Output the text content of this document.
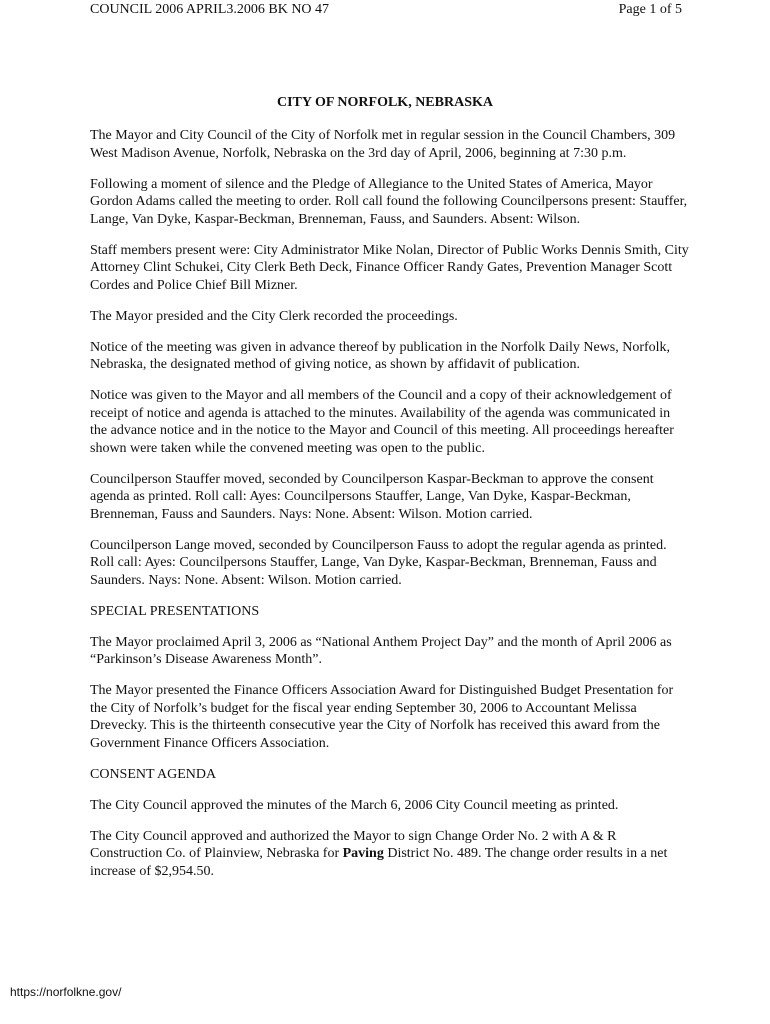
COUNCIL 2006 APRIL3.2006 BK NO 47	Page 1 of 5
CITY OF NORFOLK, NEBRASKA

The Mayor and City Council of the City of Norfolk met in regular session in the Council Chambers, 309 West Madison Avenue, Norfolk, Nebraska on the 3rd day of April, 2006, beginning at 7:30 p.m.

Following a moment of silence and the Pledge of Allegiance to the United States of America, Mayor Gordon Adams called the meeting to order. Roll call found the following Councilpersons present: Stauffer, Lange, Van Dyke, Kaspar-Beckman, Brenneman, Fauss, and Saunders. Absent: Wilson.

Staff members present were: City Administrator Mike Nolan, Director of Public Works Dennis Smith, City Attorney Clint Schukei, City Clerk Beth Deck, Finance Officer Randy Gates, Prevention Manager Scott Cordes and Police Chief Bill Mizner.

The Mayor presided and the City Clerk recorded the proceedings.

Notice of the meeting was given in advance thereof by publication in the Norfolk Daily News, Norfolk, Nebraska, the designated method of giving notice, as shown by affidavit of publication.

Notice was given to the Mayor and all members of the Council and a copy of their acknowledgement of receipt of notice and agenda is attached to the minutes. Availability of the agenda was communicated in the advance notice and in the notice to the Mayor and Council of this meeting. All proceedings hereafter shown were taken while the convened meeting was open to the public.

Councilperson Stauffer moved, seconded by Councilperson Kaspar-Beckman to approve the consent agenda as printed. Roll call: Ayes: Councilpersons Stauffer, Lange, Van Dyke, Kaspar-Beckman, Brenneman, Fauss and Saunders. Nays: None. Absent: Wilson. Motion carried.

Councilperson Lange moved, seconded by Councilperson Fauss to adopt the regular agenda as printed. Roll call: Ayes: Councilpersons Stauffer, Lange, Van Dyke, Kaspar-Beckman, Brenneman, Fauss and Saunders. Nays: None. Absent: Wilson. Motion carried.

SPECIAL PRESENTATIONS

The Mayor proclaimed April 3, 2006 as “National Anthem Project Day” and the month of April 2006 as “Parkinson’s Disease Awareness Month”.

The Mayor presented the Finance Officers Association Award for Distinguished Budget Presentation for the City of Norfolk’s budget for the fiscal year ending September 30, 2006 to Accountant Melissa Drevecky. This is the thirteenth consecutive year the City of Norfolk has received this award from the Government Finance Officers Association.

CONSENT AGENDA

The City Council approved the minutes of the March 6, 2006 City Council meeting as printed.

The City Council approved and authorized the Mayor to sign Change Order No. 2 with A & R Construction Co. of Plainview, Nebraska for Paving District No. 489. The change order results in a net increase of $2,954.50.

https://norfolkne.gov/
